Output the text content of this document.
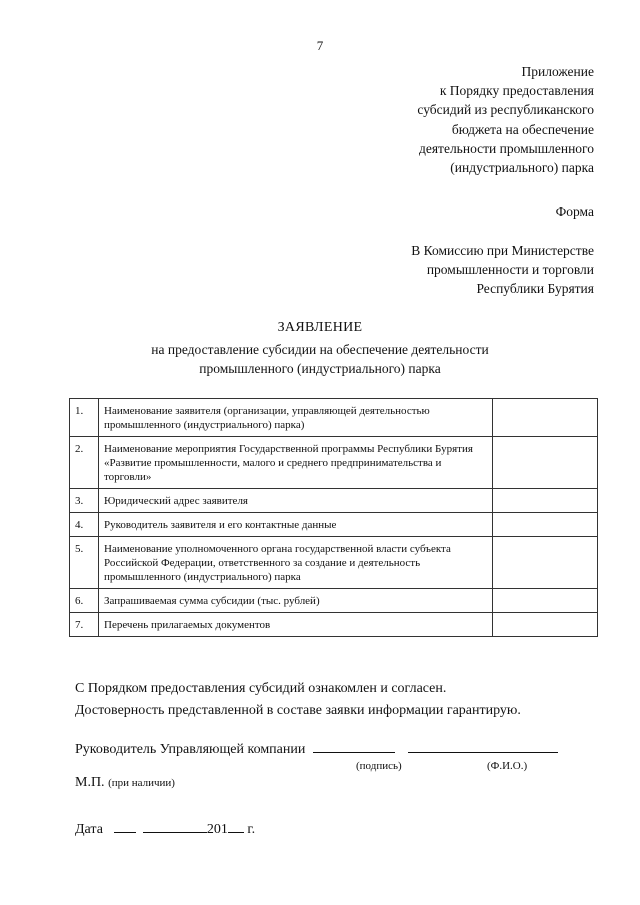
7
Приложение
к Порядку предоставления
субсидий из республиканского
бюджета на обеспечение
деятельности промышленного
(индустриального) парка
Форма
В Комиссию при Министерстве
промышленности и торговли
Республики Бурятия
ЗАЯВЛЕНИЕ
на предоставление субсидии на обеспечение деятельности
промышленного (индустриального) парка
1.	Наименование заявителя (организации, управляющей деятельностью промышленного (индустриального) парка)	
2.	Наименование мероприятия Государственной программы Республики Бурятия «Развитие промышленности, малого и среднего предпринимательства и торговли»	
3.	Юридический адрес заявителя	
4.	Руководитель заявителя и его контактные данные	
5.	Наименование уполномоченного органа государственной власти субъекта Российской Федерации, ответственного за создание и деятельность промышленного (индустриального) парка	
6.	Запрашиваемая сумма субсидии (тыс. рублей)	
7.	Перечень прилагаемых документов	
С Порядком предоставления субсидий ознакомлен и согласен.
Достоверность представленной в составе заявки информации гарантирую.
Руководитель Управляющей компании
(подпись)	(Ф.И.О.)
М.П. (при наличии)
Дата	201 г.
